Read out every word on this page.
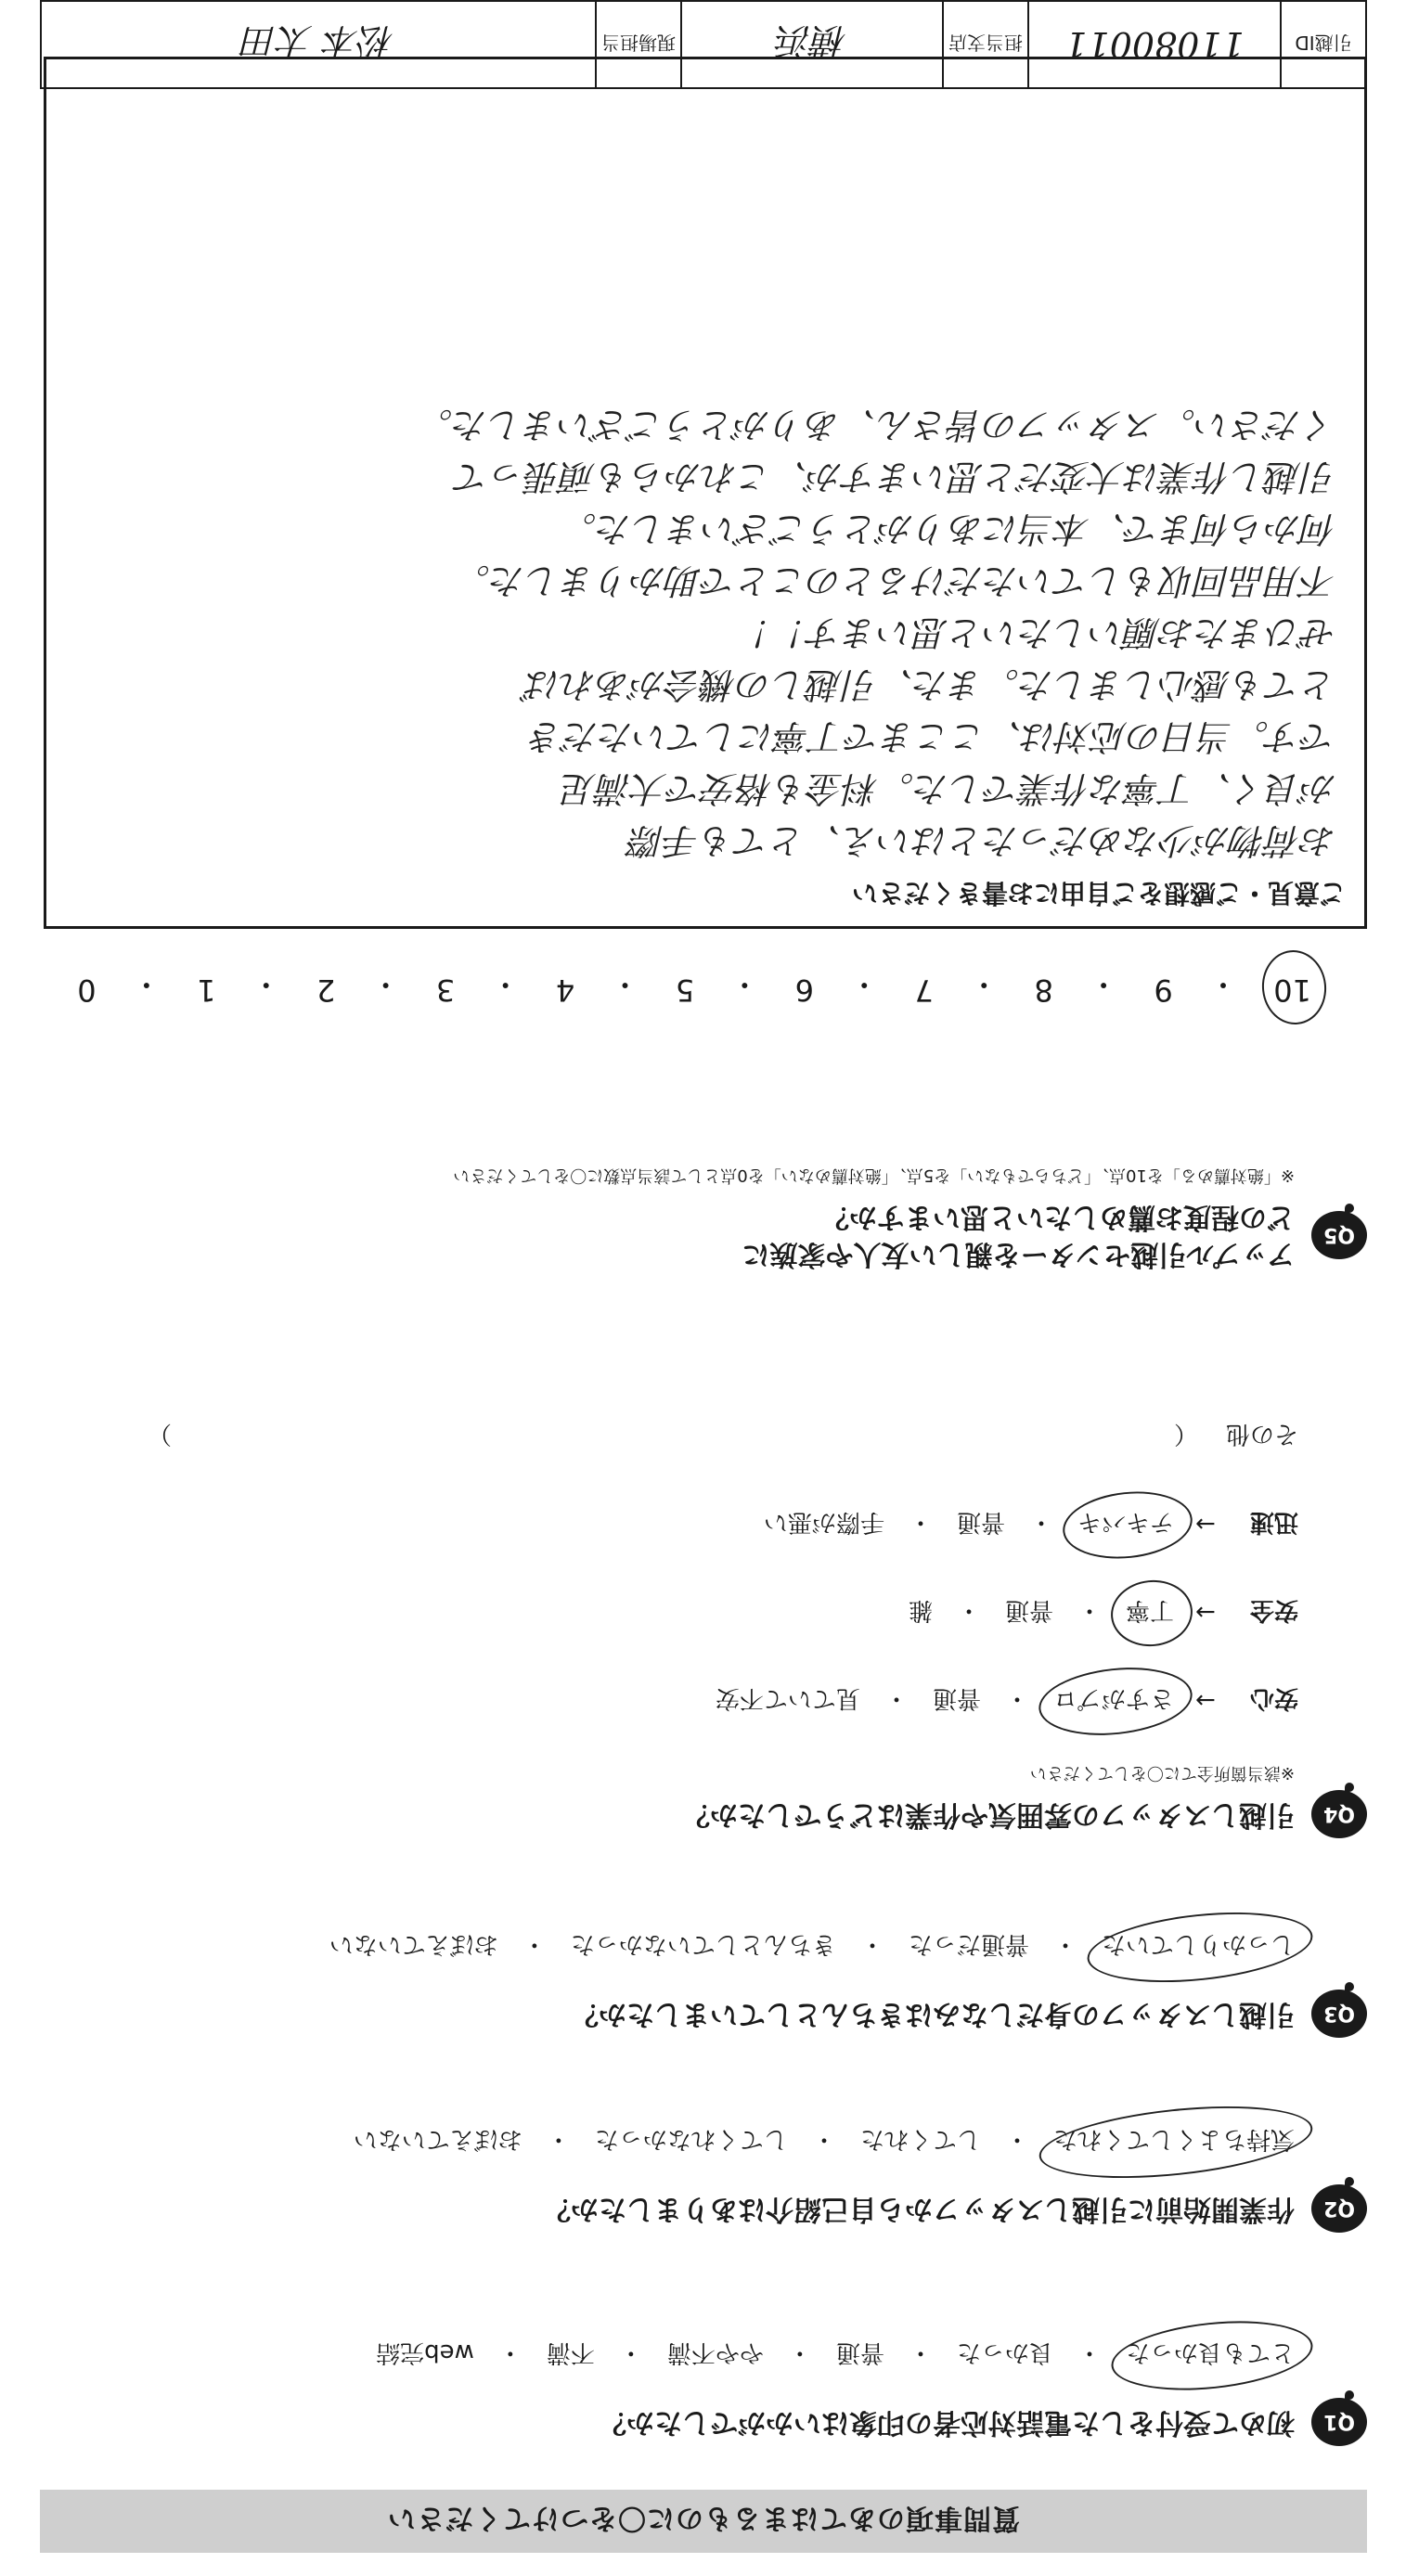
質問事項のあてはまるものに〇をつけてください
Q1
初めて受付をした電話対応者の印象はいかがでしたか？
とても良かった
・
良かった
・
普通
・
やや不満
・
不満
・
web完結
Q2
作業開始前に引越しスタッフから自己紹介はありましたか？
気持ちよくしてくれた
・
してくれた
・
してくれなかった
・
おぼえていない
Q3
引越しスタッフの身だしなみはきちんとしていましたか？
しっかりしていた
・
普通だった
・
きちんとしていなかった
・
おぼえていない
Q4
引越しスタッフの雰囲気や作業はどうでしたか？
※該当箇所全てに〇をしてください
安心
→
さすがプロ
・
普通
・
見ていて不安
安全
→
丁寧
・
普通
・
雑
迅速
→
テキパキ
・
普通
・
手際が悪い
その他
（
）
Q5
アップル引越センターを親しい友人や家族に
どの程度お薦めしたいと思いますか？
※「絶対薦める」を10点、「どちらでもない」を5点、「絶対薦めない」を0点として該当点数に〇をしてください
10
・
9
・
8
・
7
・
6
・
5
・
4
・
3
・
2
・
1
・
0
ご意見・ご感想をご自由にお書きください
お荷物が少なめだったとはいえ、とても手際
が良く、丁寧な作業でした。料金も格安で大満足
です。当日の応対は、ここまで丁寧にしていただき
とても感心しました。また、引越しの機会があれば
ぜひまたお願いしたいと思います！！
不用品回収もしていただけるとのことで助かりました。
何から何まで、本当にありがとうございました。
引越し作業は大変だと思いますが、これからも頑張って
ください。スタッフの皆さん、ありがとうございました。
引越ID
11080011
担当支店
横浜
現場担当
松本 太田
